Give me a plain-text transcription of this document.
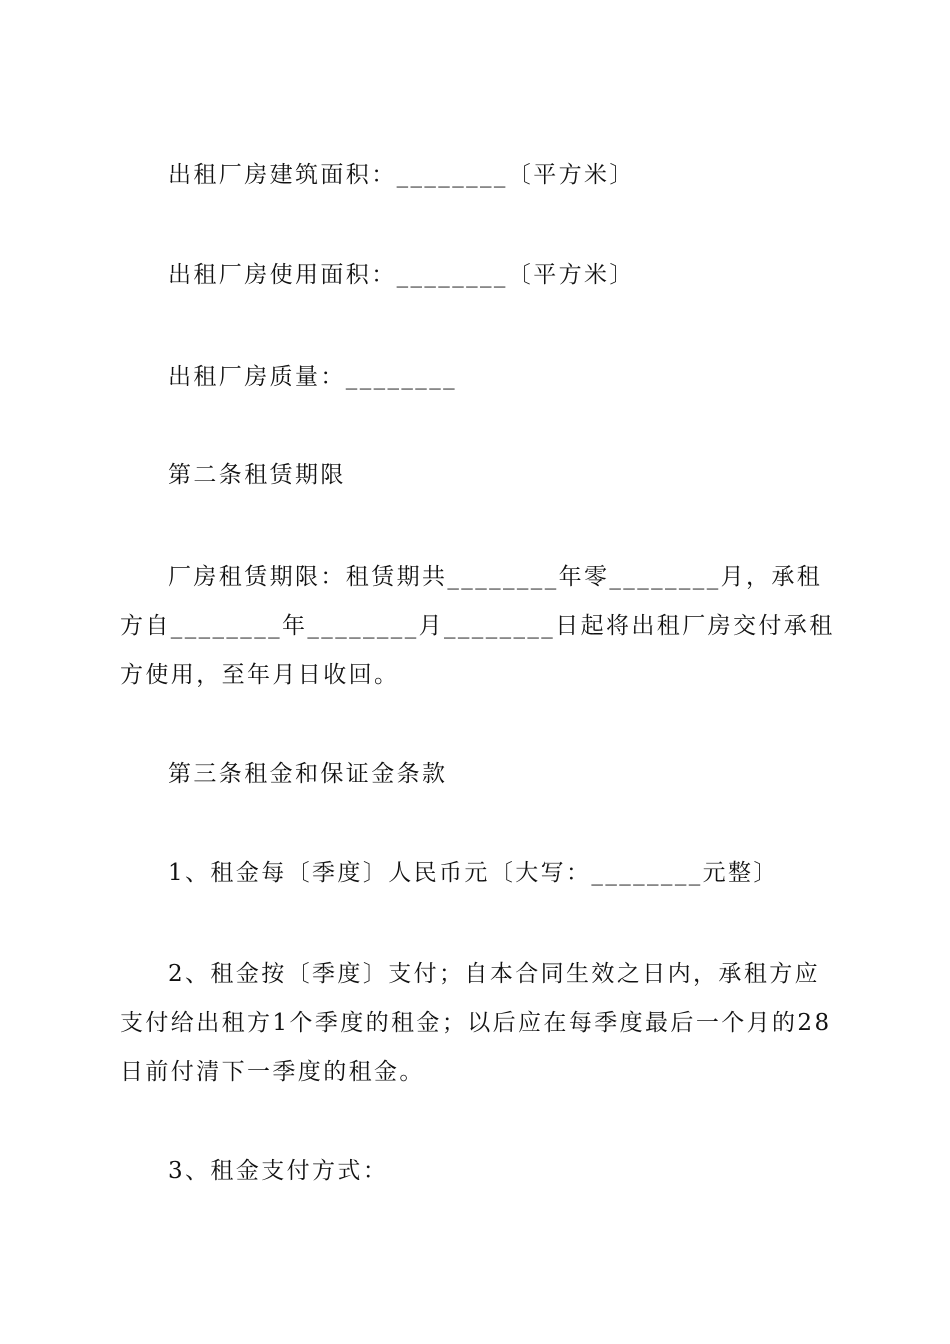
出租厂房建筑面积：________〔平方米〕

出租厂房使用面积：________〔平方米〕

出租厂房质量：________

第二条租赁期限

厂房租赁期限：租赁期共________年零________月，承租方自________年________月________日起将出租厂房交付承租方使用，至年月日收回。

第三条租金和保证金条款

1、租金每〔季度〕人民币元〔大写：________元整〕

2、租金按〔季度〕支付；自本合同生效之日内，承租方应支付给出租方1个季度的租金；以后应在每季度最后一个月的28日前付清下一季度的租金。

3、租金支付方式：
